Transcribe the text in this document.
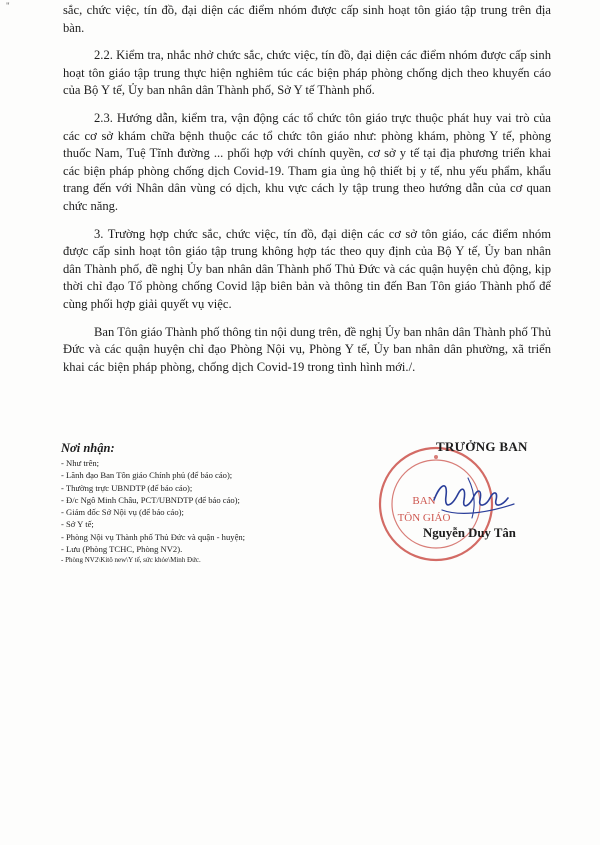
"	sắc, chức việc, tín đồ, đại diện các điểm nhóm được cấp sinh hoạt tôn giáo tập trung trên địa bàn.

2.2. Kiểm tra, nhắc nhở chức sắc, chức việc, tín đồ, đại diện các điểm nhóm được cấp sinh hoạt tôn giáo tập trung thực hiện nghiêm túc các biện pháp phòng chống dịch theo khuyến cáo của Bộ Y tế, Ủy ban nhân dân Thành phố, Sở Y tế Thành phố.

2.3. Hướng dẫn, kiểm tra, vận động các tổ chức tôn giáo trực thuộc phát huy vai trò của các cơ sở khám chữa bệnh thuộc các tổ chức tôn giáo như: phòng khám, phòng Y tế, phòng thuốc Nam, Tuệ Tĩnh đường ... phối hợp với chính quyền, cơ sở y tế tại địa phương triển khai các biện pháp phòng chống dịch Covid-19. Tham gia ủng hộ thiết bị y tế, nhu yếu phẩm, khẩu trang đến với Nhân dân vùng có dịch, khu vực cách ly tập trung theo hướng dẫn của cơ quan chức năng.

3. Trường hợp chức sắc, chức việc, tín đồ, đại diện các cơ sở tôn giáo, các điểm nhóm được cấp sinh hoạt tôn giáo tập trung không hợp tác theo quy định của Bộ Y tế, Ủy ban nhân dân Thành phố, đề nghị Ủy ban nhân dân Thành phố Thủ Đức và các quận huyện chủ động, kịp thời chỉ đạo Tổ phòng chống Covid lập biên bản và thông tin đến Ban Tôn giáo Thành phố để cùng phối hợp giải quyết vụ việc.

Ban Tôn giáo Thành phố thông tin nội dung trên, đề nghị Ủy ban nhân dân Thành phố Thủ Đức và các quận huyện chỉ đạo Phòng Nội vụ, Phòng Y tế, Ủy ban nhân dân phường, xã triển khai các biện pháp phòng, chống dịch Covid-19 trong tình hình mới./.

Nơi nhận:
- Như trên;
- Lãnh đạo Ban Tôn giáo Chính phủ (để báo cáo);
- Thường trực UBNDTP (để báo cáo);
- Đ/c Ngô Minh Châu, PCT/UBNDTP (để báo cáo);
- Giám đốc Sở Nội vụ (để báo cáo);
- Sở Y tế;
- Phòng Nội vụ Thành phố Thủ Đức và quận - huyện;
- Lưu (Phòng TCHC, Phòng NV2).
- Phòng NV2\Kitô new\Y tế, sức khỏe\Minh Đức.
BAN
TÔN GIÁO
TRƯỞNG BAN
Nguyễn Duy Tân
